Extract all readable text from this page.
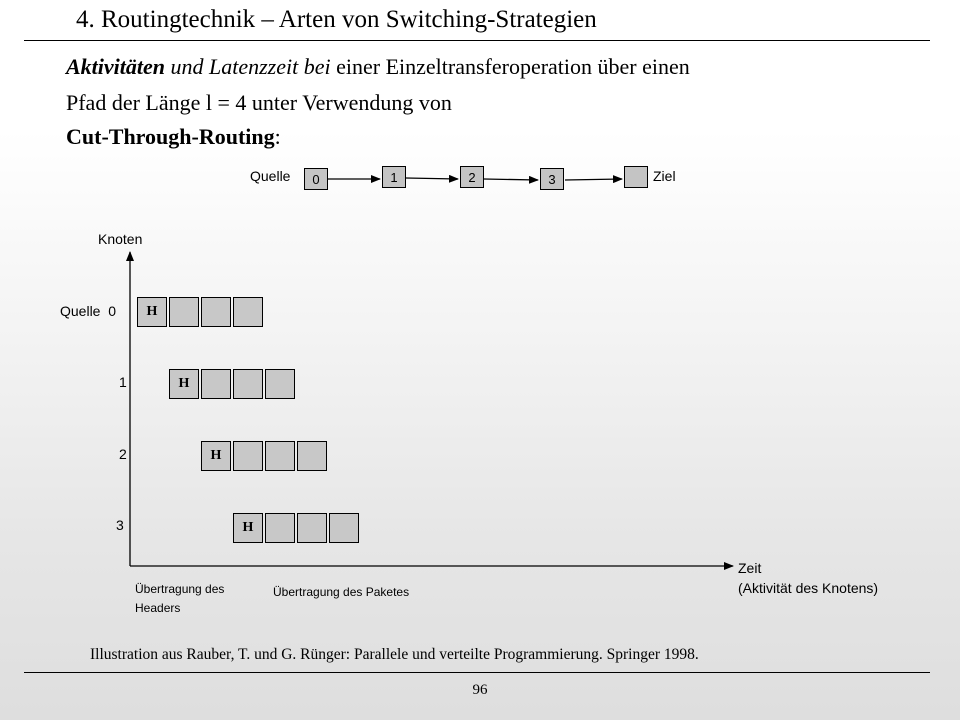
4. Routingtechnik – Arten von Switching-Strategien
Aktivitäten und Latenzzeit bei einer Einzeltransferoperation über einen
Pfad der Länge l = 4 unter Verwendung von
Cut-Through-Routing:
Quelle	0	1	2	3	Ziel
Knoten
Quelle 0
1
2
3
H
H
H
H
Zeit
(Aktivität des Knotens)
Übertragung des
Headers
Übertragung des Paketes
Illustration aus Rauber, T. und G. Rünger: Parallele und verteilte Programmierung. Springer 1998.
96
